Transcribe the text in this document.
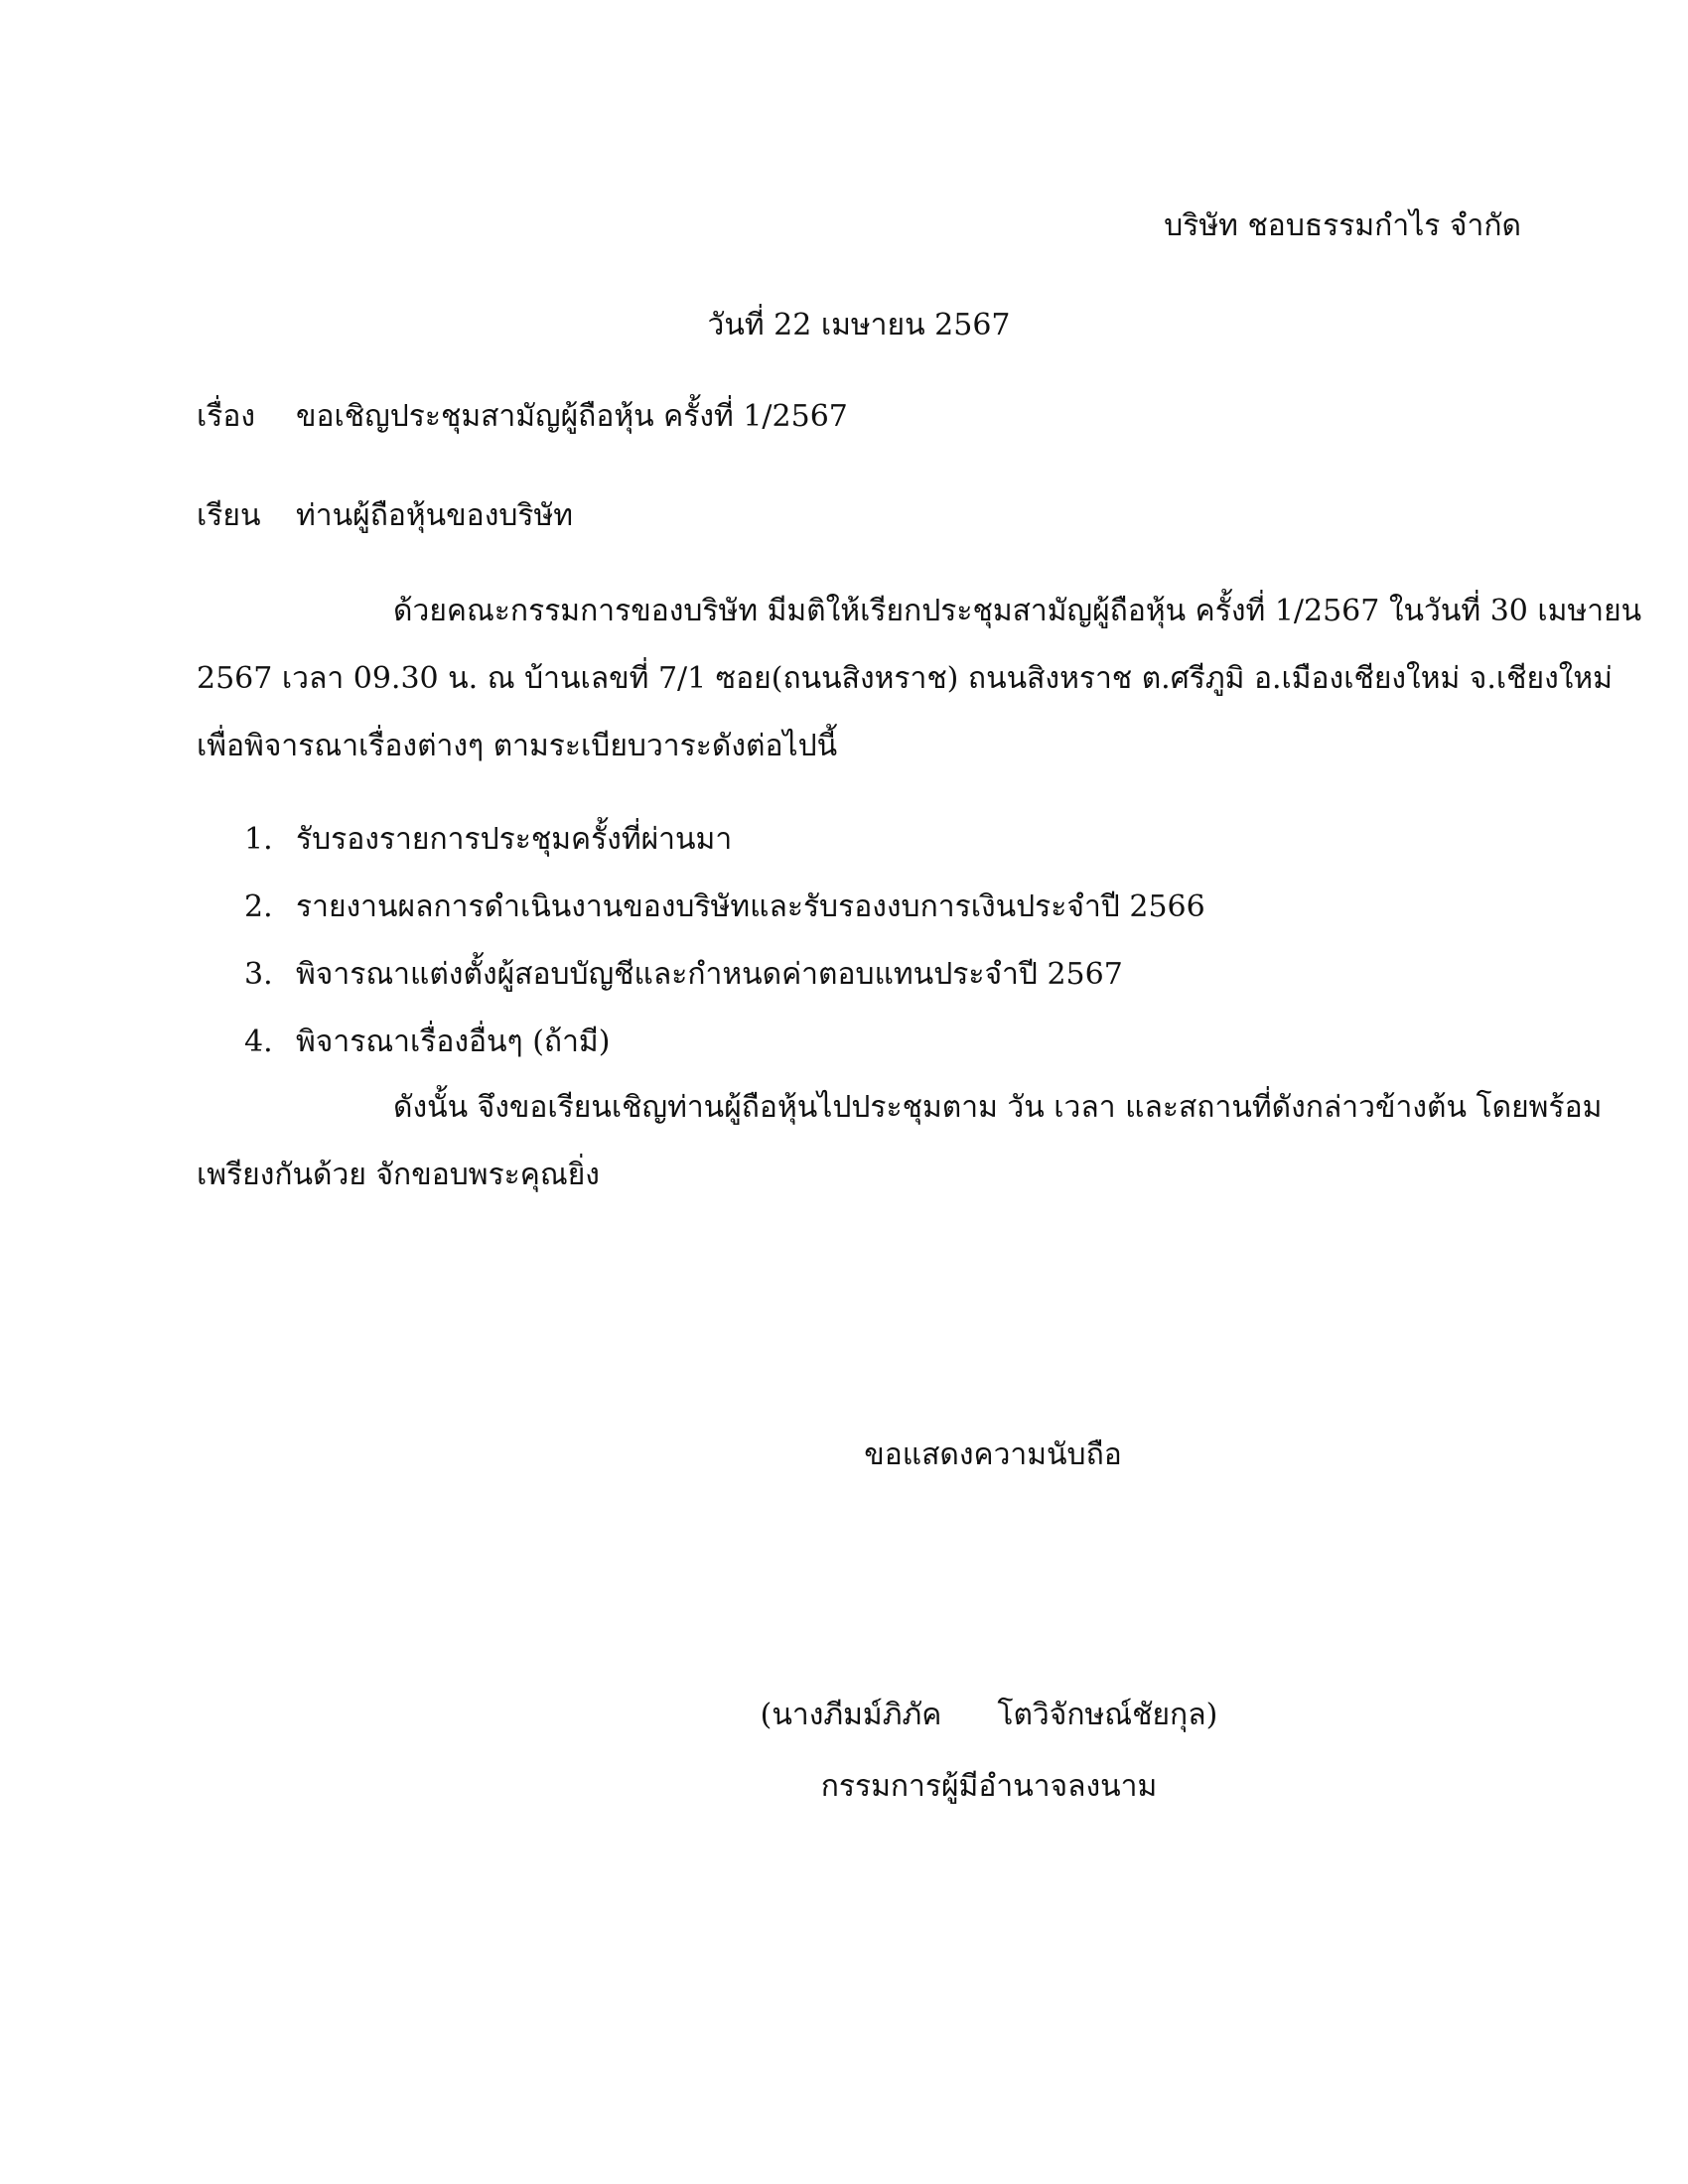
บริษัท ชอบธรรมกำไร จำกัด
วันที่ 22 เมษายน 2567
เรื่อง ขอเชิญประชุมสามัญผู้ถือหุ้น ครั้งที่ 1/2567
เรียน ท่านผู้ถือหุ้นของบริษัท
ด้วยคณะกรรมการของบริษัท มีมติให้เรียกประชุมสามัญผู้ถือหุ้น ครั้งที่ 1/2567 ในวันที่ 30 เมษายน
2567 เวลา 09.30 น. ณ บ้านเลขที่ 7/1 ซอย(ถนนสิงหราช) ถนนสิงหราช ต.ศรีภูมิ อ.เมืองเชียงใหม่ จ.เชียงใหม่
เพื่อพิจารณาเรื่องต่างๆ ตามระเบียบวาระดังต่อไปนี้
1. รับรองรายการประชุมครั้งที่ผ่านมา
2. รายงานผลการดำเนินงานของบริษัทและรับรองงบการเงินประจำปี 2566
3. พิจารณาแต่งตั้งผู้สอบบัญชีและกำหนดค่าตอบแทนประจำปี 2567
4. พิจารณาเรื่องอื่นๆ (ถ้ามี)
ดังนั้น จึงขอเรียนเชิญท่านผู้ถือหุ้นไปประชุมตาม วัน เวลา และสถานที่ดังกล่าวข้างต้น โดยพร้อม
เพรียงกันด้วย จักขอบพระคุณยิ่ง
ขอแสดงความนับถือ
(นางภีมม์ภิภัค โตวิจักษณ์ชัยกุล)
กรรมการผู้มีอำนาจลงนาม
